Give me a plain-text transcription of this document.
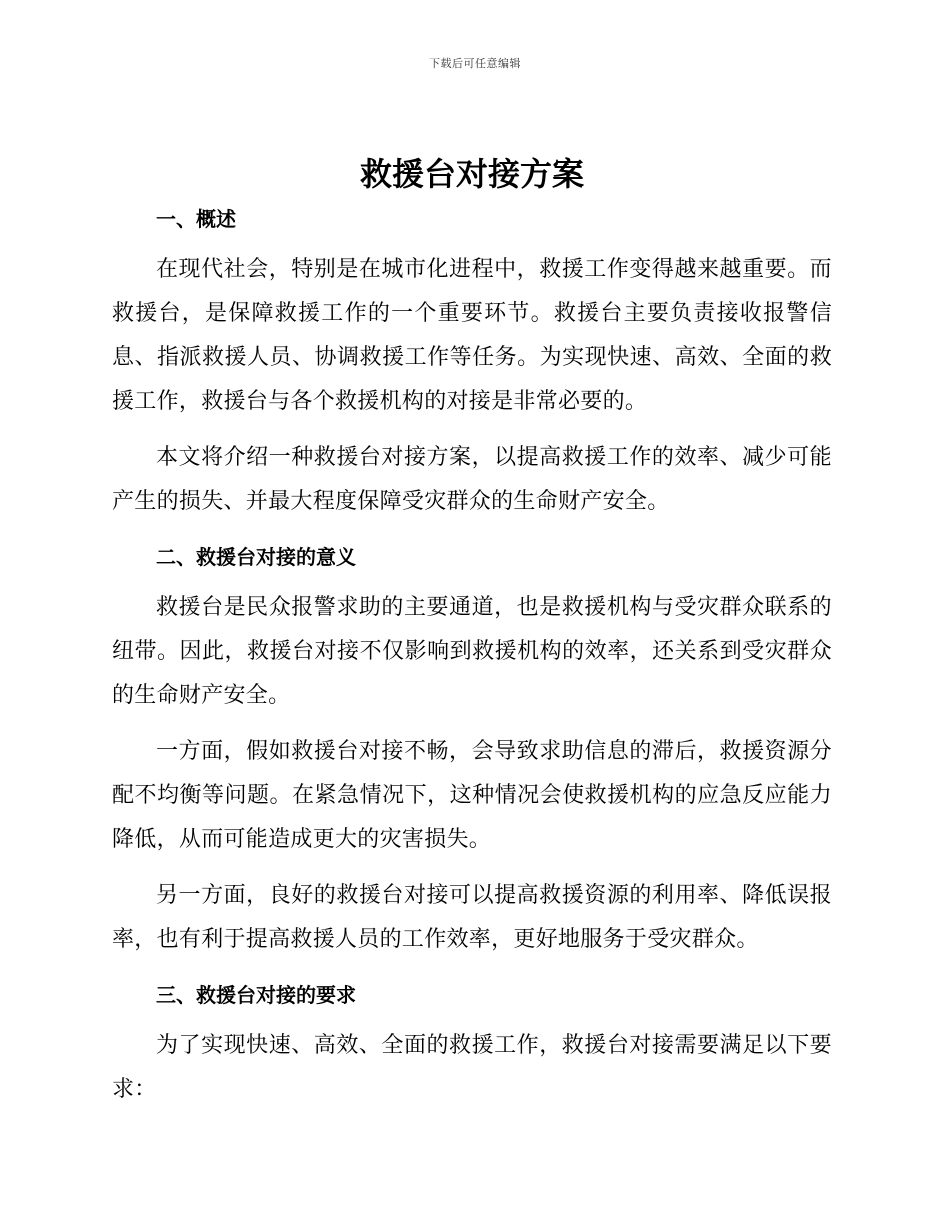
下载后可任意编辑
救援台对接方案
一、概述

在现代社会，特别是在城市化进程中，救援工作变得越来越重要。而救援台，是保障救援工作的一个重要环节。救援台主要负责接收报警信息、指派救援人员、协调救援工作等任务。为实现快速、高效、全面的救援工作，救援台与各个救援机构的对接是非常必要的。

本文将介绍一种救援台对接方案，以提高救援工作的效率、减少可能产生的损失、并最大程度保障受灾群众的生命财产安全。

二、救援台对接的意义

救援台是民众报警求助的主要通道，也是救援机构与受灾群众联系的纽带。因此，救援台对接不仅影响到救援机构的效率，还关系到受灾群众的生命财产安全。

一方面，假如救援台对接不畅，会导致求助信息的滞后，救援资源分配不均衡等问题。在紧急情况下，这种情况会使救援机构的应急反应能力降低，从而可能造成更大的灾害损失。

另一方面，良好的救援台对接可以提高救援资源的利用率、降低误报率，也有利于提高救援人员的工作效率，更好地服务于受灾群众。

三、救援台对接的要求

为了实现快速、高效、全面的救援工作，救援台对接需要满足以下要求：
